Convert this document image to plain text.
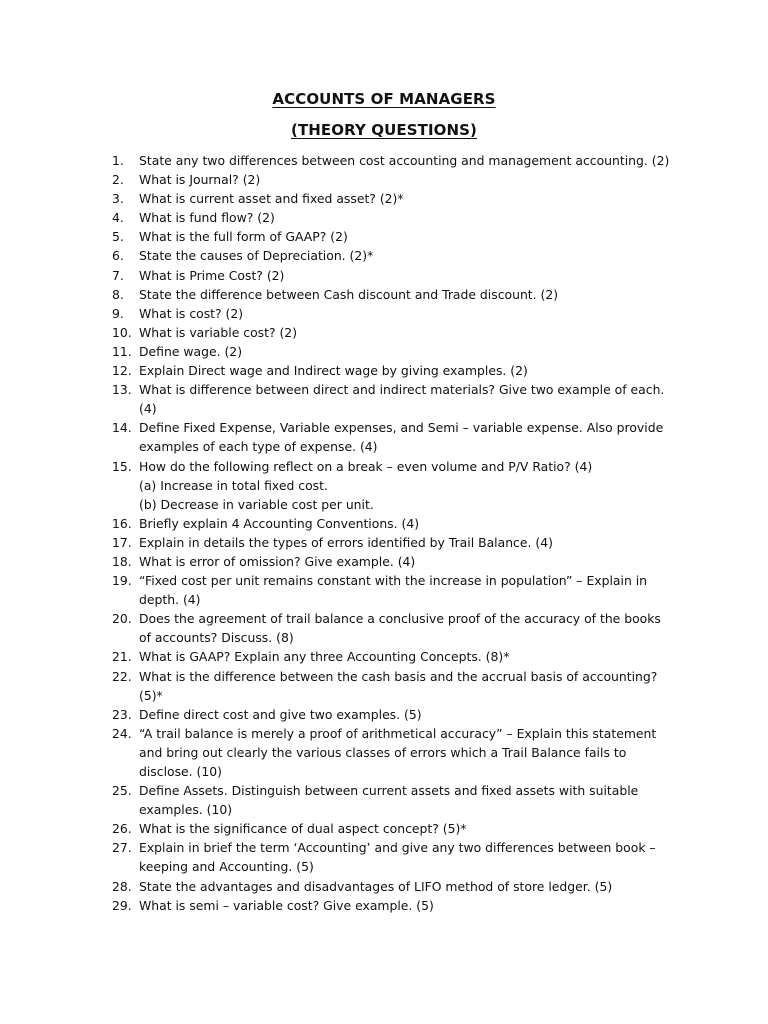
ACCOUNTS OF MANAGERS
(THEORY QUESTIONS)
1.	State any two differences between cost accounting and management accounting. (2)
2.	What is Journal? (2)
3.	What is current asset and fixed asset? (2)*
4.	What is fund flow? (2)
5.	What is the full form of GAAP? (2)
6.	State the causes of Depreciation. (2)*
7.	What is Prime Cost? (2)
8.	State the difference between Cash discount and Trade discount. (2)
9.	What is cost? (2)
10. What is variable cost? (2)
11. Define wage. (2)
12. Explain Direct wage and Indirect wage by giving examples. (2)
13. What is difference between direct and indirect materials? Give two example of each.
(4)
14. Define Fixed Expense, Variable expenses, and Semi – variable expense. Also provide
examples of each type of expense. (4)
15. How do the following reflect on a break – even volume and P/V Ratio? (4)
(a) Increase in total fixed cost.
(b) Decrease in variable cost per unit.
16. Briefly explain 4 Accounting Conventions. (4)
17. Explain in details the types of errors identified by Trail Balance. (4)
18. What is error of omission? Give example. (4)
19. “Fixed cost per unit remains constant with the increase in population” – Explain in
depth. (4)
20. Does the agreement of trail balance a conclusive proof of the accuracy of the books
of accounts? Discuss. (8)
21. What is GAAP? Explain any three Accounting Concepts. (8)*
22. What is the difference between the cash basis and the accrual basis of accounting?
(5)*
23. Define direct cost and give two examples. (5)
24. “A trail balance is merely a proof of arithmetical accuracy” – Explain this statement
and bring out clearly the various classes of errors which a Trail Balance fails to
disclose. (10)
25. Define Assets. Distinguish between current assets and fixed assets with suitable
examples. (10)
26. What is the significance of dual aspect concept? (5)*
27. Explain in brief the term ‘Accounting’ and give any two differences between book –
keeping and Accounting. (5)
28. State the advantages and disadvantages of LIFO method of store ledger. (5)
29. What is semi – variable cost? Give example. (5)
